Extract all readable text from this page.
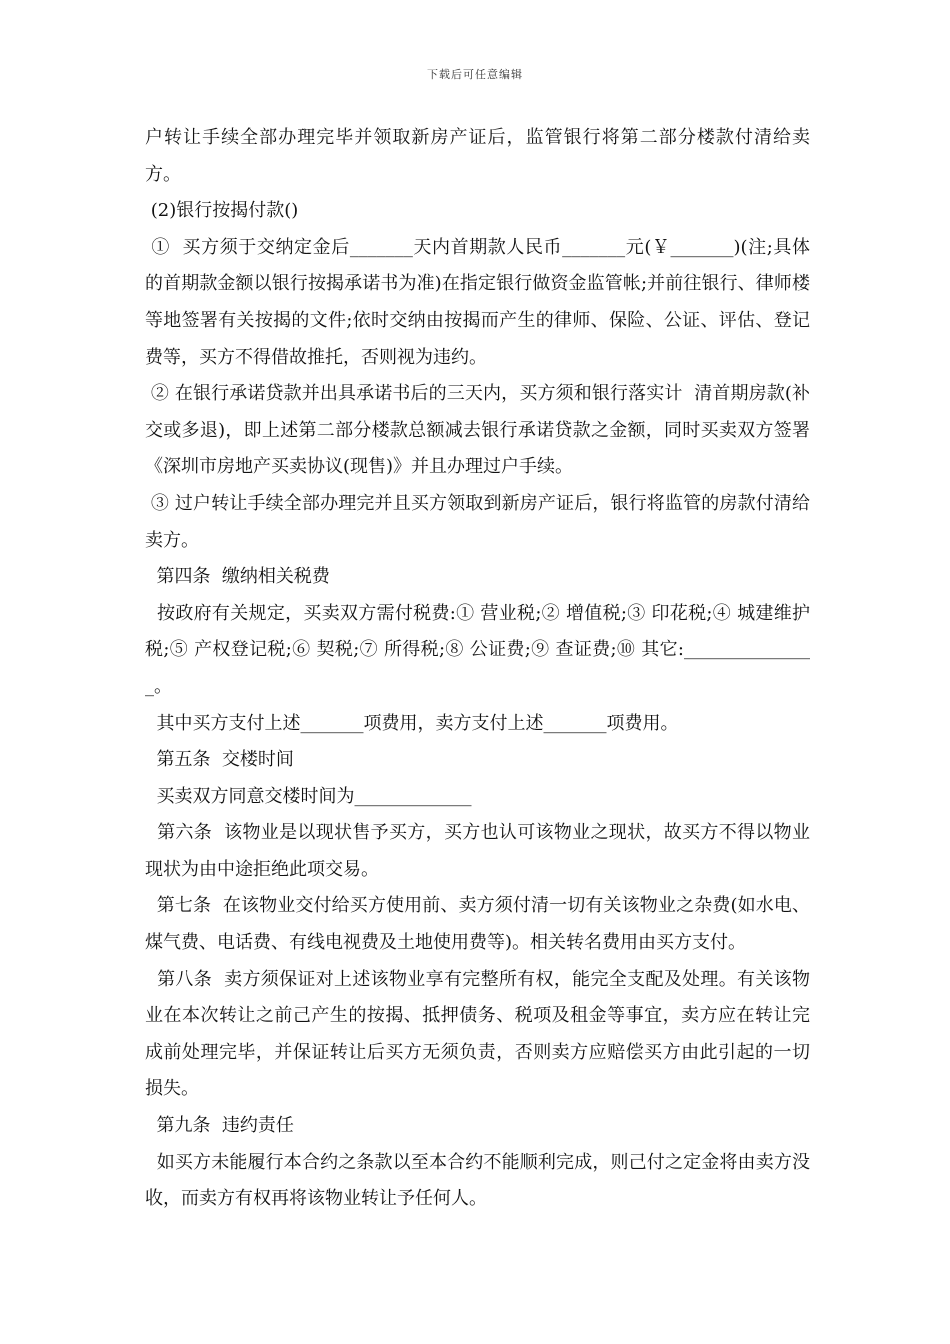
下载后可任意编辑

户转让手续全部办理完毕并领取新房产证后，监管银行将第二部分楼款付清给卖方。

(2)银行按揭付款()

①  买方须于交纳定金后_______天内首期款人民币_______元(￥_______)(注;具体的首期款金额以银行按揭承诺书为准)在指定银行做资金监管帐;并前往银行、律师楼等地签署有关按揭的文件;依时交纳由按揭而产生的律师、保险、公证、评估、登记费等，买方不得借故推托，否则视为违约。

② 在银行承诺贷款并出具承诺书后的三天内，买方须和银行落实计  清首期房款(补交或多退)，即上述第二部分楼款总额减去银行承诺贷款之金额，同时买卖双方签署《深圳市房地产买卖协议(现售)》并且办理过户手续。

③ 过户转让手续全部办理完并且买方领取到新房产证后，银行将监管的房款付清给卖方。

第四条  缴纳相关税费

按政府有关规定，买卖双方需付税费:① 营业税;② 增值税;③ 印花税;④ 城建维护税;⑤ 产权登记税;⑥ 契税;⑦ 所得税;⑧ 公证费;⑨ 查证费;⑩ 其它:_______________。

其中买方支付上述_______项费用，卖方支付上述_______项费用。

第五条  交楼时间

买卖双方同意交楼时间为_____________

第六条  该物业是以现状售予买方，买方也认可该物业之现状，故买方不得以物业现状为由中途拒绝此项交易。

第七条  在该物业交付给买方使用前、卖方须付清一切有关该物业之杂费(如水电、煤气费、电话费、有线电视费及土地使用费等)。相关转名费用由买方支付。

第八条  卖方须保证对上述该物业享有完整所有权，能完全支配及处理。有关该物业在本次转让之前己产生的按揭、抵押债务、税项及租金等事宜，卖方应在转让完成前处理完毕，并保证转让后买方无须负责，否则卖方应赔偿买方由此引起的一切损失。

第九条  违约责任

如买方未能履行本合约之条款以至本合约不能顺利完成，则己付之定金将由卖方没收，而卖方有权再将该物业转让予任何人。
